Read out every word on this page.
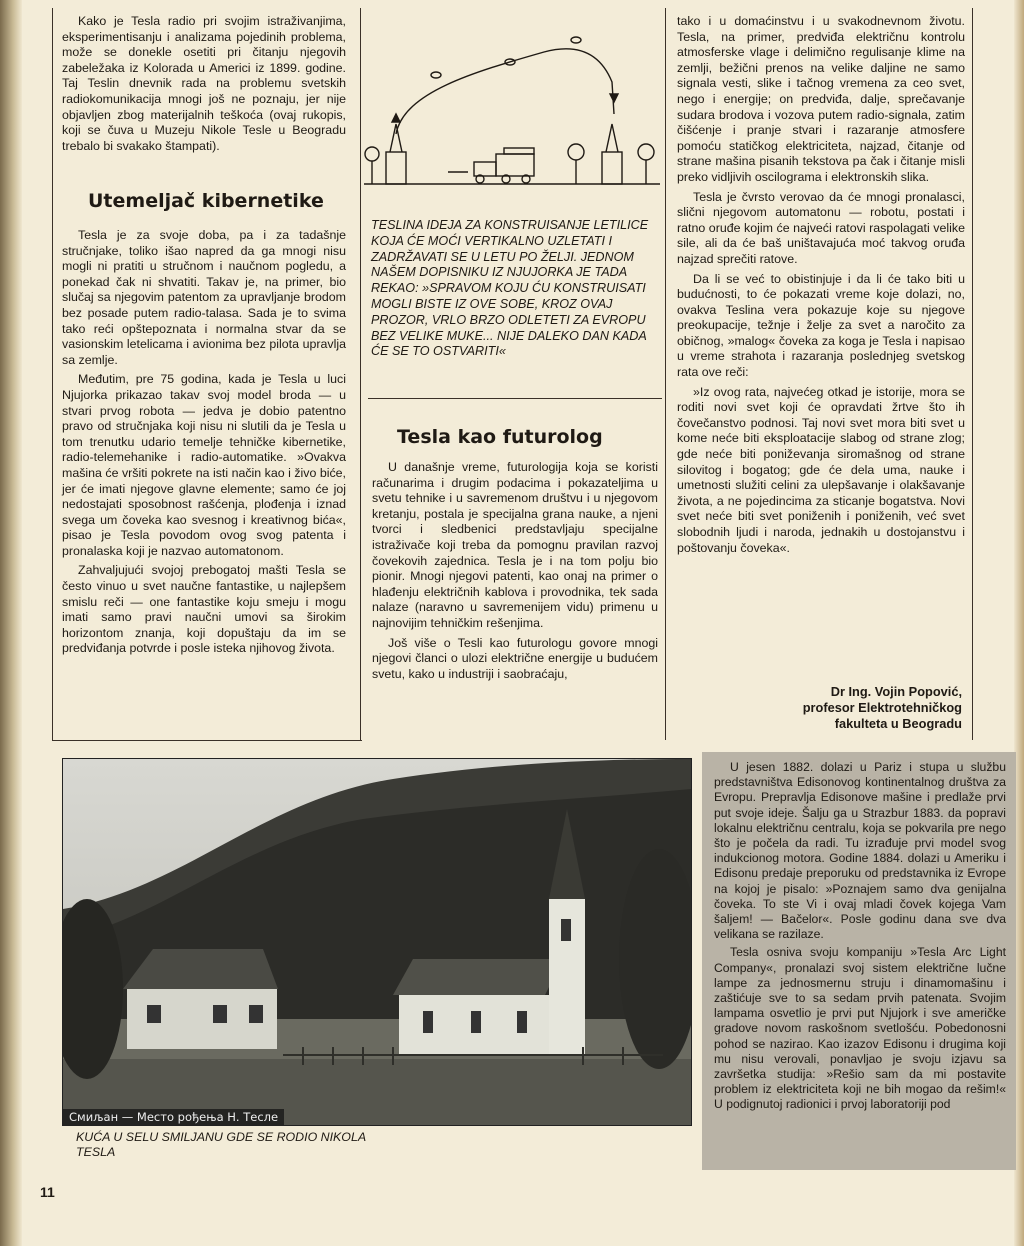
Kako je Tesla radio pri svojim istraživanjima, eksperimentisanju i analizama pojedinih problema, može se donekle osetiti pri čitanju njegovih zabeležaka iz Kolorada u Americi iz 1899. godine. Taj Teslin dnevnik rada na problemu svetskih radiokomunikacija mnogi još ne poznaju, jer nije objavljen zbog materijalnih teškoća (ovaj rukopis, koji se čuva u Muzeju Nikole Tesle u Beogradu trebalo bi svakako štampati).

Utemeljač kibernetike

Tesla je za svoje doba, pa i za tadašnje stručnjake, toliko išao napred da ga mnogi nisu mogli ni pratiti u stručnom i naučnom pogledu, a ponekad čak ni shvatiti. Takav je, na primer, bio slučaj sa njegovim patentom za upravljanje brodom bez posade putem radio-talasa. Sada je to svima tako reći opštepoznata i normalna stvar da se vasionskim letelicama i avionima bez pilota upravlja sa zemlje.

Međutim, pre 75 godina, kada je Tesla u luci Njujorka prikazao takav svoj model broda — u stvari prvog robota — jedva je dobio patentno pravo od stručnjaka koji nisu ni slutili da je Tesla u tom trenutku udario temelje tehničke kibernetike, radio-telemehanike i radio-automatike. »Ovakva mašina će vršiti pokrete na isti način kao i živo biće, jer će imati njegove glavne elemente; samo će joj nedostajati sposobnost rašćenja, plođenja i iznad svega um čoveka kao svesnog i kreativnog bića«, pisao je Tesla povodom ovog svog patenta i pronalaska koji je nazvao automatonom.

Zahvaljujući svojoj prebogatoj mašti Tesla se često vinuo u svet naučne fantastike, u najlepšem smislu reči — one fantastike koju smeju i mogu imati samo pravi naučni umovi sa širokim horizontom znanja, koji dopuštaju da im se predviđanja potvrde i posle isteka njihovog života.

TESLINA IDEJA ZA KONSTRUISANJE LETILICE KOJA ĆE MOĆI VERTIKALNO UZLETATI I ZADRŽAVATI SE U LETU PO ŽELJI. JEDNOM NAŠEM DOPISNIKU IZ NJUJORKA JE TADA REKAO: »SPRAVOM KOJU ĆU KONSTRUISATI MOGLI BISTE IZ OVE SOBE, KROZ OVAJ PROZOR, VRLO BRZO ODLETETI ZA EVROPU BEZ VELIKE MUKE... NIJE DALEKO DAN KADA ĆE SE TO OSTVARITI«
Tesla kao futurolog

U današnje vreme, futurologija koja se koristi računarima i drugim podacima i pokazateljima u svetu tehnike i u savremenom društvu i u njegovom kretanju, postala je specijalna grana nauke, a njeni tvorci i sledbenici predstavljaju specijalne istraživače koji treba da pomognu pravilan razvoj čovekovih zajednica. Tesla je i na tom polju bio pionir. Mnogi njegovi patenti, kao onaj na primer o hlađenju električnih kablova i provodnika, tek sada nalaze (naravno u savremenijem vidu) primenu u najnovijim tehničkim rešenjima.

Još više o Tesli kao futurologu govore mnogi njegovi članci o ulozi električne energije u budućem svetu, kako u industriji i saobraćaju,

tako i u domaćinstvu i u svakodnevnom životu. Tesla, na primer, predviđa električnu kontrolu atmosferske vlage i delimično regulisanje klime na zemlji, bežični prenos na velike daljine ne samo signala vesti, slike i tačnog vremena za ceo svet, nego i energije; on predviđa, dalje, sprečavanje sudara brodova i vozova putem radio-signala, zatim čišćenje i pranje stvari i razaranje atmosfere pomoću statičkog elektriciteta, najzad, čitanje od strane mašina pisanih tekstova pa čak i čitanje misli preko vidljivih oscilograma i elektronskih slika.

Tesla je čvrsto verovao da će mnogi pronalasci, slični njegovom automatonu — robotu, postati i ratno oruđe kojim će najveći ratovi raspolagati velike sile, ali da će baš uništavajuća moć takvog oruđa najzad sprečiti ratove.

Da li se već to obistinjuje i da li će tako biti u budućnosti, to će pokazati vreme koje dolazi, no, ovakva Teslina vera pokazuje koje su njegove preokupacije, težnje i želje za svet a naročito za običnog, »malog« čoveka za koga je Tesla i napisao u vreme strahota i razaranja poslednjeg svetskog rata ove reči:

»Iz ovog rata, najvećeg otkad je istorije, mora se roditi novi svet koji će opravdati žrtve što ih čovečanstvo podnosi. Taj novi svet mora biti svet u kome neće biti eksploatacije slabog od strane zlog; gde neće biti poniževanja siromašnog od strane silovitog i bogatog; gde će dela uma, nauke i umetnosti služiti celini za ulepšavanje i olakšavanje života, a ne pojedincima za sticanje bogatstva. Novi svet neće biti svet poniženih i poniženih, već svet slobodnih ljudi i naroda, jednakih u dostojanstvu i poštovanju čoveka«.

Dr Ing. Vojin Popović,
profesor Elektrotehničkog
fakulteta u Beogradu
Смиљан — Место рођења Н. Тесле
KUĆA U SELU SMILJANU GDE SE RODIO NIKOLA TESLA

U jesen 1882. dolazi u Pariz i stupa u službu predstavništva Edisonovog kontinentalnog društva za Evropu. Prepravlja Edisonove mašine i predlaže prvi put svoje ideje. Šalju ga u Strazbur 1883. da popravi lokalnu električnu centralu, koja se pokvarila pre nego što je počela da radi. Tu izrađuje prvi model svog indukcionog motora. Godine 1884. dolazi u Ameriku i Edisonu predaje preporuku od predstavnika iz Evrope na kojoj je pisalo: »Poznajem samo dva genijalna čoveka. To ste Vi i ovaj mladi čovek kojega Vam šaljem! — Bačelor«. Posle godinu dana sve dva velikana se razilaze.

Tesla osniva svoju kompaniju »Tesla Arc Light Company«, pronalazi svoj sistem električne lučne lampe za jednosmernu struju i dinamomašinu i zaštićuje sve to sa sedam prvih patenata. Svojim lampama osvetlio je prvi put Njujork i sve američke gradove novom raskošnom svetlošću. Pobedonosni pohod se nazirao. Kao izazov Edisonu i drugima koji mu nisu verovali, ponavljao je svoju izjavu sa završetka studija: »Rešio sam da mi postavite problem iz elektriciteta koji ne bih mogao da rešim!« U podignutoj radionici i prvoj laboratoriji pod

11
